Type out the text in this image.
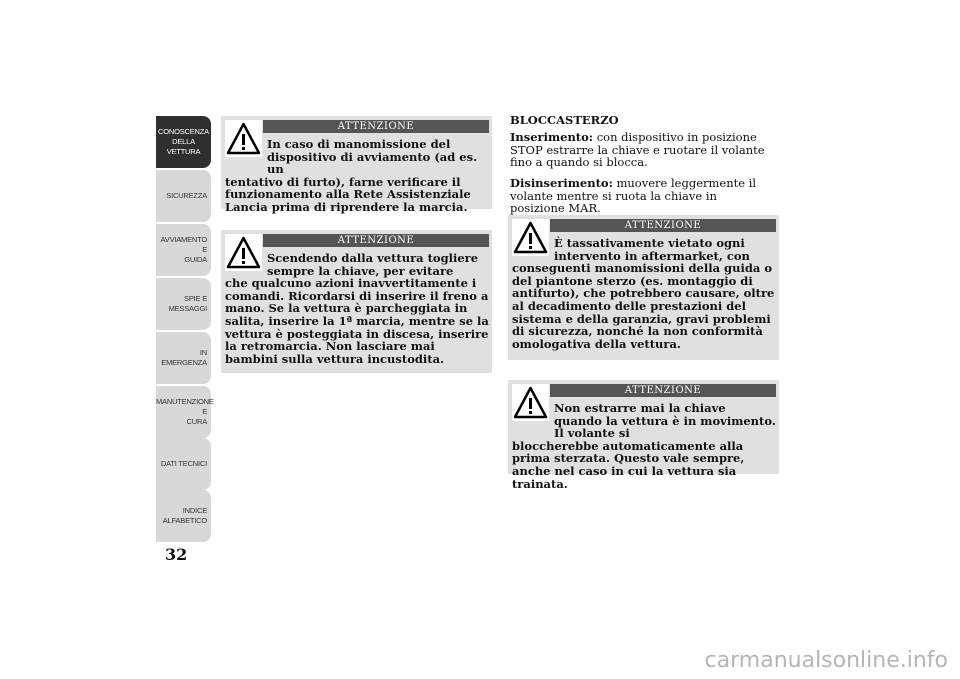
CONOSCENZA
DELLA VETTURA
SICUREZZA
AVVIAMENTO E
GUIDA
SPIE E MESSAGGI
IN EMERGENZA
MANUTENZIONE E
CURA
DATI TECNICI
INDICE
ALFABETICO
32
ATTENZIONE
In caso di manomissione del dispositivo di avviamento (ad es. un
tentativo di furto), farne verificare il funzionamento alla Rete Assistenziale Lancia prima di riprendere la marcia.
ATTENZIONE
Scendendo dalla vettura togliere sempre la chiave, per evitare
che qualcuno azioni inavvertitamente i comandi. Ricordarsi di inserire il freno a mano. Se la vettura è parcheggiata in salita, inserire la 1ª marcia, mentre se la vettura è posteggiata in discesa, inserire la retromarcia. Non lasciare mai bambini sulla vettura incustodita.
BLOCCASTERZO
Inserimento: con dispositivo in posizione STOP estrarre la chiave e ruotare il volante fino a quando si blocca.
Disinserimento: muovere leggermente il volante mentre si ruota la chiave in posizione MAR.
ATTENZIONE
È tassativamente vietato ogni intervento in aftermarket, con
conseguenti manomissioni della guida o del piantone sterzo (es. montaggio di antifurto), che potrebbero causare, oltre al decadimento delle prestazioni del sistema e della garanzia, gravi problemi di sicurezza, nonché la non conformità omologativa della vettura.
ATTENZIONE
Non estrarre mai la chiave quando la vettura è in movimento. Il volante si
bloccherebbe automaticamente alla prima sterzata. Questo vale sempre, anche nel caso in cui la vettura sia trainata.
carmanualsonline.info
